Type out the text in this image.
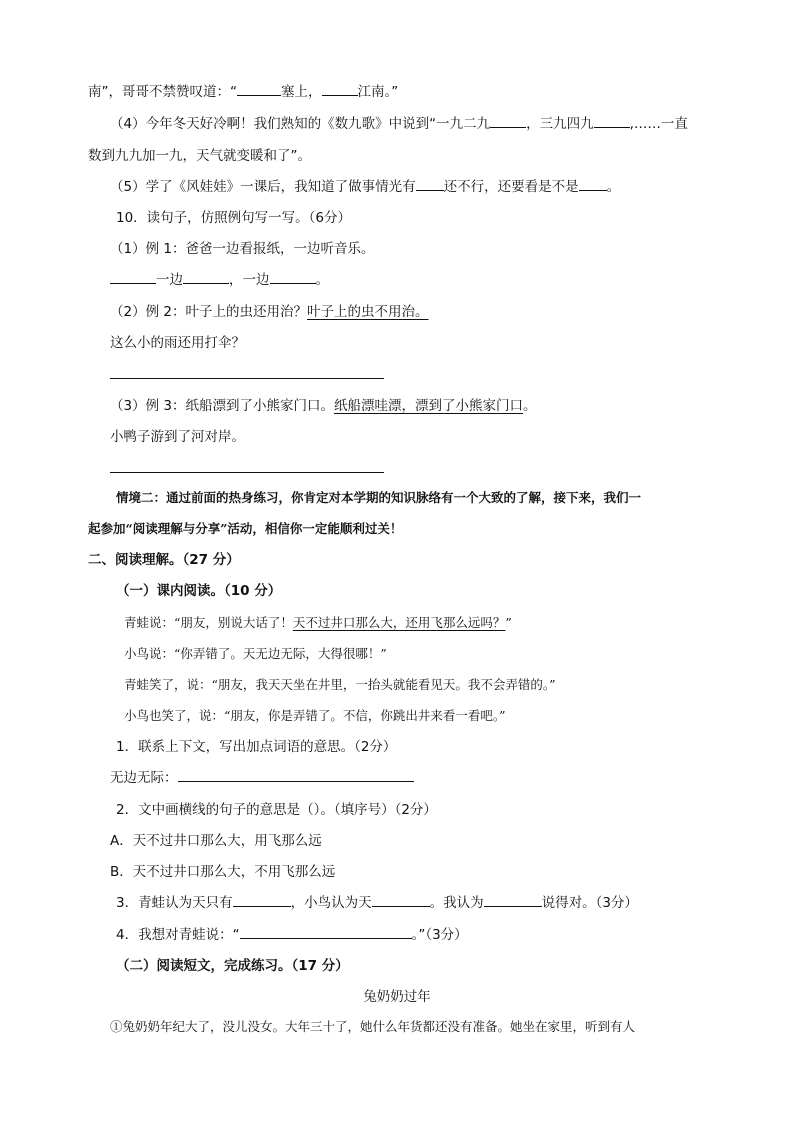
南”，哥哥不禁赞叹道：“	塞上，	江南。”
（4）今年冬天好冷啊！我们熟知的《数九歌》中说到“一九二九	，三九四九	,……一直
数到九九加一九，天气就变暖和了”。
（5）学了《风娃娃》一课后，我知道了做事情光有 还不行，还要看是不是 。
10．读句子，仿照例句写一写。（6分）
（1）例 1：爸爸一边看报纸，一边听音乐。
一边	，一边	。
（2）例 2：叶子上的虫还用治？叶子上的虫不用治。
这么小的雨还用打伞？
（3）例 3：纸船漂到了小熊家门口。纸船漂哇漂，漂到了小熊家门口。
小鸭子游到了河对岸。
情境二：通过前面的热身练习，你肯定对本学期的知识脉络有一个大致的了解，接下来，我们一
起参加“阅读理解与分享”活动，相信你一定能顺利过关！
二、阅读理解。（27 分）
（一）课内阅读。（10 分）
青蛙说：“朋友，别说大话了！天不过井口那么大，还用飞那么远吗？”
小鸟说：“你弄错了。天无边无际，大得很哪！”
青蛙笑了，说：“朋友，我天天坐在井里，一抬头就能看见天。我不会弄错的。”
小鸟也笑了，说：“朋友，你是弄错了。不信，你跳出井来看一看吧。”
1．联系上下文，写出加点词语的意思。（2分）
无边无际：
2．文中画横线的句子的意思是（）。（填序号）（2分）
A．天不过井口那么大，用飞那么远
B．天不过井口那么大，不用飞那么远
3．青蛙认为天只有	，小鸟认为天	。我认为	说得对。（3分）
4．我想对青蛙说：“	。”（3分）
（二）阅读短文，完成练习。（17 分）
兔奶奶过年
①兔奶奶年纪大了，没儿没女。大年三十了，她什么年货都还没有准备。她坐在家里，听到有人
